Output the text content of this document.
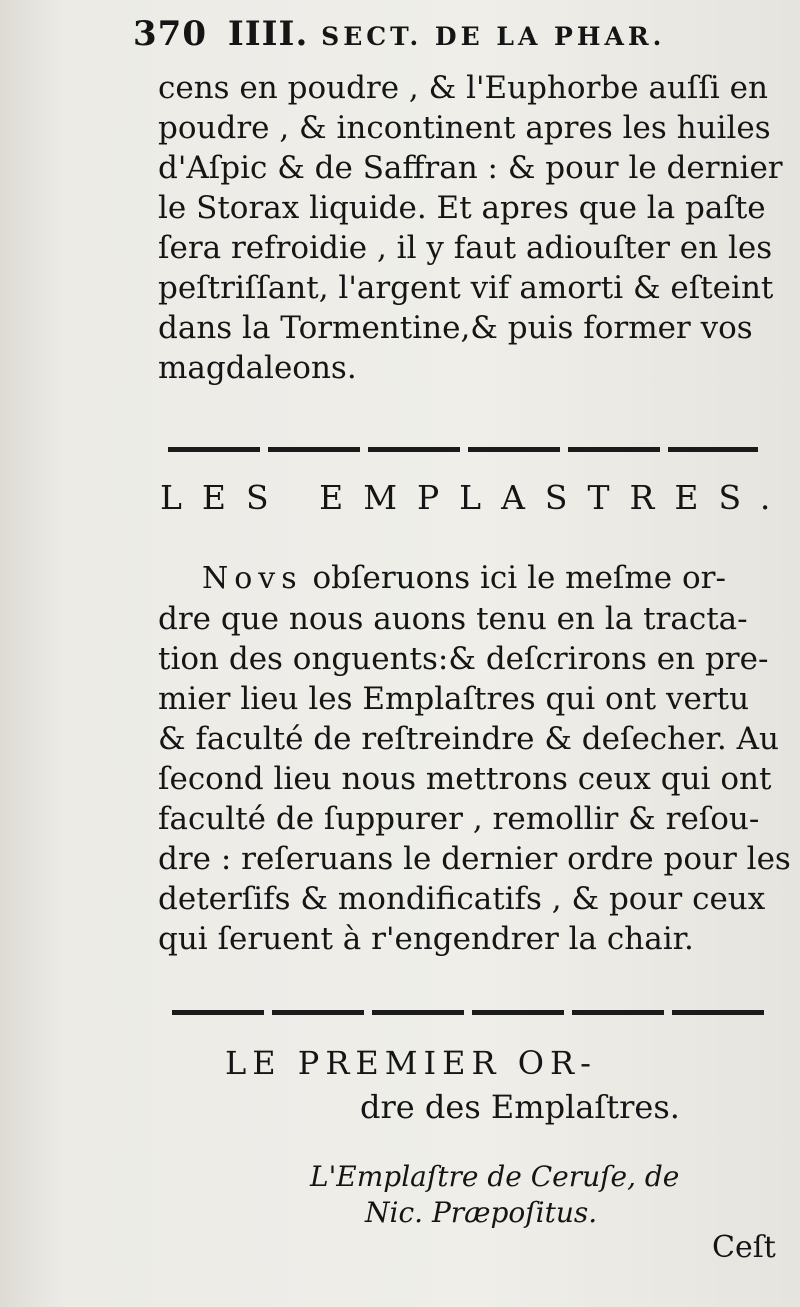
370 IIII. SECT. DE LA PHAR.
cens en poudre , & l'Euphorbe auſſi en
poudre , & incontinent apres les huiles
d'Aſpic & de Saffran : & pour le dernier
le Storax liquide. Et apres que la paſte
ſera refroidie , il y faut adiouſter en les
peſtriſſant, l'argent vif amorti & eſteint
dans la Tormentine,& puis former vos
magdaleons.
LES EMPLASTRES.
Novs obſeruons ici le meſme or-
dre que nous auons tenu en la tracta-
tion des onguents:& deſcrirons en pre-
mier lieu les Emplaſtres qui ont vertu
& faculté de reſtreindre & deſecher. Au
ſecond lieu nous mettrons ceux qui ont
faculté de ſuppurer , remollir & reſou-
dre : reſeruans le dernier ordre pour les
deterſifs & mondificatifs , & pour ceux
qui ſeruent à r'engendrer la chair.
LE PREMIER OR-
dre des Emplaſtres.
L'Emplaſtre de Ceruſe, de
Nic. Præpoſitus.
Ceſt
